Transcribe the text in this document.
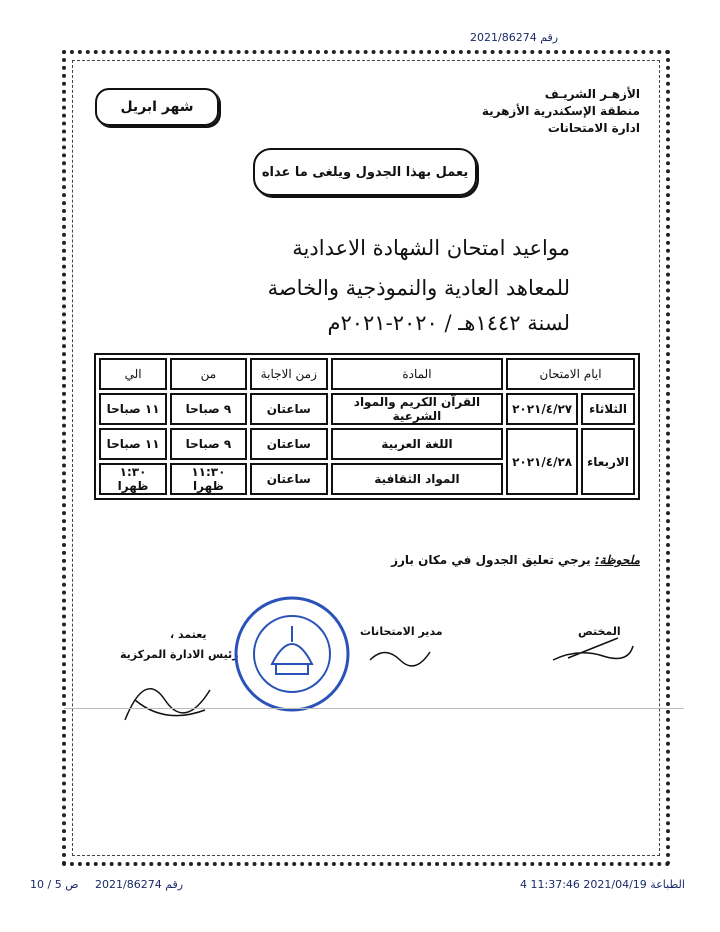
رقم 2021/86274
الأزهـر الشريـف
منطقة الإسكندرية الأزهرية
ادارة الامتحانات
شهر ابريل
يعمل بهذا الجدول ويلغى ما عداه
مواعيد امتحان الشهادة الاعدادية
للمعاهد العادية والنموذجية والخاصة
لسنة ١٤٤٢هـ / ٢٠٢٠-٢٠٢١م
ايام الامتحان		المادة	زمن الاجابة	من	الي
الثلاثاء	٢٠٢١/٤/٢٧	القرآن الكريم والمواد الشرعية	ساعتان	٩ صباحا	١١ صباحا
الاربعاء	٢٠٢١/٤/٢٨	اللغة العربية	ساعتان	٩ صباحا	١١ صباحا
		المواد الثقافية	ساعتان	١١:٣٠ ظهرا	١:٣٠ ظهرا
ملحوظة: يرجي تعليق الجدول في مكان بارز
المختص
مدير الامتحانات
يعتمد ،
رئيس الادارة المركزية
ص 5 / 10 رقم 2021/86274	الطباعة 2021/04/19 11:37:46 4
